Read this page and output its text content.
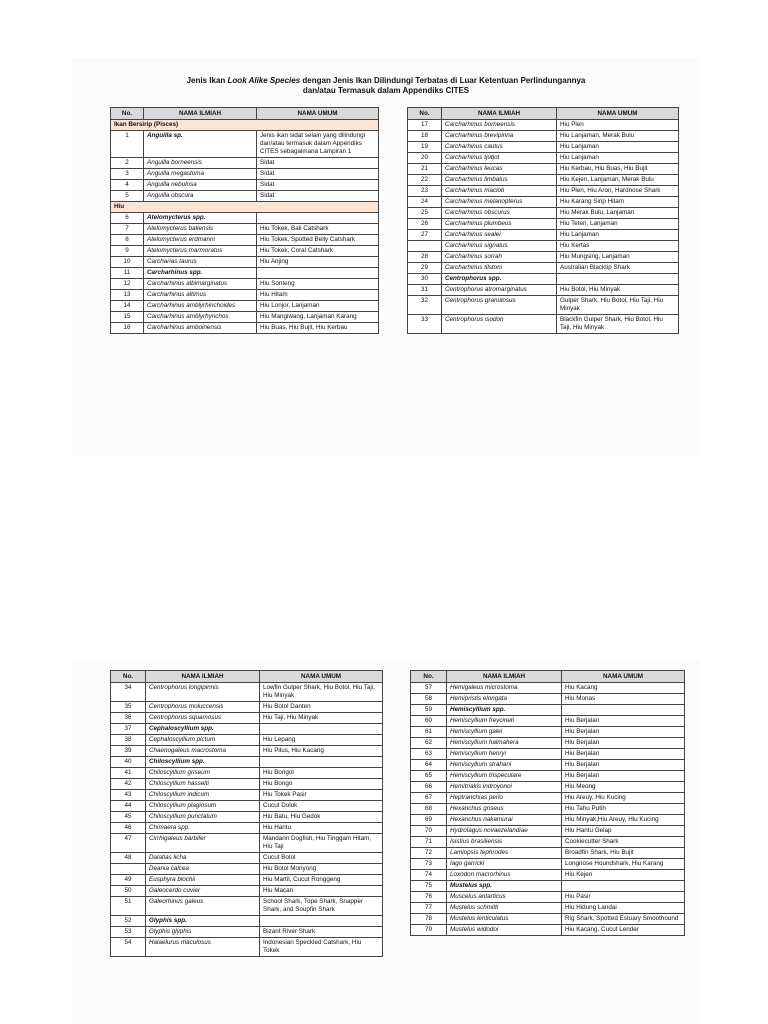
Jenis Ikan Look Alike Species dengan Jenis Ikan Dilindungi Terbatas di Luar Ketentuan Perlindungannya
dan/atau Termasuk dalam Appendiks CITES
No.	NAMA ILMIAH	NAMA UMUM
Ikan Bersirip (Pisces)		
1	Anguilla sp.	Jenis ikan sidat selain yang dilindungi dan/atau termasuk dalam Appendiks CITES sebagaimana Lampiran 1
2	Anguilla borneensis	Sidat
3	Anguilla megastoma	Sidat
4	Anguilla nebulosa	Sidat
5	Anguilla obscura	Sidat
Hiu		
6	Atelomycterus spp.	
7	Atelomycterus baliensis	Hiu Tokek, Bali Catshark
8	Atelomycterus erdmanni	Hiu Tokek, Spotted Belly Catshark
9	Atelomycterus marmoratus	Hiu Tokek, Coral Catshark
10	Carcharias taurus	Hiu Anjing
11	Carcharhinus spp.	
12	Carcharhinus albimarginatus	Hiu Sonteng
13	Carcharhinus altimus	Hiu Hitam
14	Carcharhinus amblyrhinchoides	Hiu Lonjor, Lanjaman
15	Carcharhinus amblyrhynchos	Hiu Mangiwang, Lanjaman Karang
16	Carcharhinus amboinensis	Hiu Buas, Hiu Bujit, Hiu Kerbau
No.	NAMA ILMIAH	NAMA UMUM
17	Carcharhinus borneensis	Hiu Plen
18	Carcharhinus brevipinna	Hiu Lanjaman, Merak Bulu
19	Carcharhinus cautus	Hiu Lanjaman
20	Carcharhinus tjutjot	Hiu Lanjaman
21	Carcharhinus leucas	Hiu Kerbau, Hiu Buas, Hiu Bujit
22	Carcharhinus limbatus	Hiu Kejen, Lanjaman, Merak Bulu
23	Carcharhinus macloti	Hiu Plen, Hiu Aron, Hardnose Shark
24	Carcharhinus melanopterus	Hiu Karang Sirip Hitam
25	Carcharhinus obscurus	Hiu Merak Bulu, Lanjaman
26	Carcharhinus plumbeus	Hiu Teteri, Lanjaman
27	Carcharhinus sealei	Hiu Lanjaman
	Carcharhinus signatus	Hiu Kertas
28	Carcharhinus sorrah	Hiu Mungsing, Lanjaman
29	Carcharhinus tilstoni	Australian Blacktip Shark
30	Centrophorus spp.	
31	Centrophorus atromarginatus	Hiu Botol, Hiu Minyak
32	Centrophorus granulosus	Gulper Shark, Hiu Botol, Hiu Taji, Hiu Minyak
33	Centrophorus isodon	Blackfin Gulper Shark, Hiu Botol, Hiu Taji, Hiu Minyak
No.	NAMA ILMIAH	NAMA UMUM
34	Centrophorus longipinnis	Lowfin Gulper Shark, Hiu Botol, Hiu Taji, Hiu Minyak
35	Centrophorus moluccensis	Hiu Botol Danten
36	Centrophorus squamosus	Hiu Taji, Hiu Minyak
37	Cephaloscyllium spp.	
38	Cephaloscyllium pictum	Hiu Lepang
39	Chaenogaleus macrostoma	Hiu Pilus, Hiu Kacang
40	Chiloscyllium spp.	
41	Chiloscyllium griseum	Hiu Bongol
42	Chiloscyllium hasselti	Hiu Bongo
43	Chiloscyllium indicum	Hiu Tokek Pasir
44	Chiloscyllium plagiosum	Cucut Dolok
45	Chiloscyllium punctatum	Hiu Batu, Hiu Gedok
46	Chimaera spp.	Hiu Hantu
47	Cirrhigaleus barbifer	Mandarin Dogfish, Hiu Tinggam Hitam, Hiu Taji
48	Dalatias licha	Cucut Botol
	Deania calcea	Hiu Botol Monyong
49	Eusphyra blochii	Hiu Martil, Cucut Ronggeng
50	Galeocerdo cuvier	Hiu Macan
51	Galeorhinus galeus	School Shark, Tope Shark, Snapper Shark, and Soupfin Shark
52	Glyphis spp.	
53	Glyphis glyphis	Bizant River Shark
54	Halaelurus maculosus	Indonesian Speckled Catshark, Hiu Tokek
No.	NAMA ILMIAH	NAMA UMUM
57	Hemigaleus microstoma	Hiu Kacang
58	Hemipristis elongata	Hiu Monas
59	Hemiscyllium spp.	
60	Hemiscyllium freycineti	Hiu Berjalan
61	Hemiscyllium galei	Hiu Berjalan
62	Hemiscyllium halmahera	Hiu Berjalan
63	Hemiscyllium henryi	Hiu Berjalan
64	Hemiscyllium strahani	Hiu Berjalan
65	Hemiscyllium trispeculare	Hiu Berjalan
66	Hemitriakis indroyonoi	Hiu Meong
67	Heptranchias perlo	Hiu Areuy, Hiu Kucing
68	Hexanchus griseus	Hiu Tahu Putih
69	Hexanchus nakamurai	Hiu Minyak,Hiu Areuy, Hiu Kucing
70	Hydrolagus novaezelandiae	Hiu Hantu Gelap
71	Isistius brasiliensis	Cookiecutter Shark
72	Lamiopsis tephrodes	Broadfin Shark, Hiu Bujit
73	Iago garricki	Longnose Houndshark, Hiu Karang
74	Loxodon macrorhinus	Hiu Kejen
75	Mustelus spp.	
76	Muscelus antarticus	Hiu Pasir
77	Mustelus schmitti	Hiu Hidung Landai
78	Mustelus lenticulatus	Rig Shark, Spotted Estuary Smoothound
79	Mustelus widodoi	Hiu Kacang, Cucut Lender
